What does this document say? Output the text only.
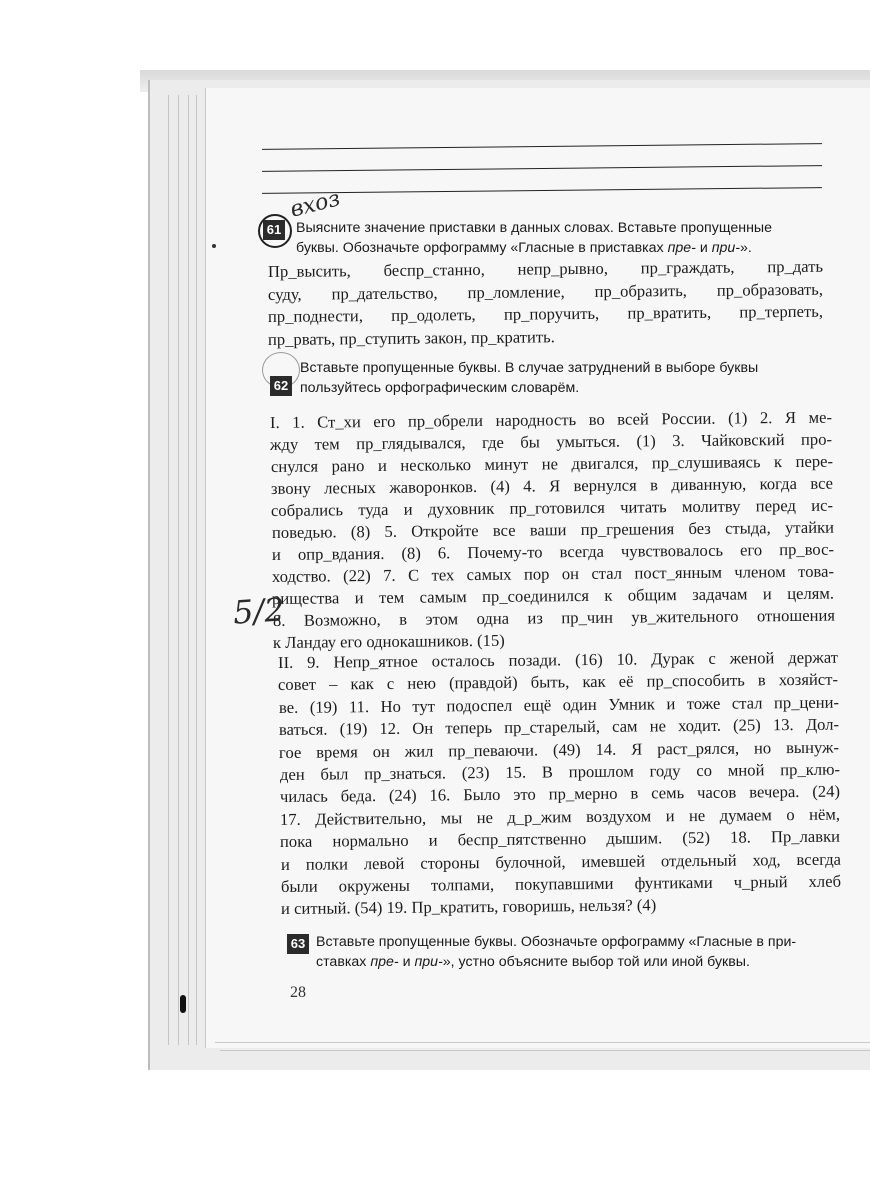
вхоз
61 Выясните значение приставки в данных словах. Вставьте пропущенные
буквы. Обозначьте орфограмму «Гласные в приставках пре- и при-».
Пр_высить, беспр_станно, непр_рывно, пр_граждать, пр_дать
суду, пр_дательство, пр_ломление, пр_образить, пр_образовать,
пр_поднести, пр_одолеть, пр_поручить, пр_вратить, пр_терпеть,
пр_рвать, пр_ступить закон, пр_кратить.
62
Вставьте пропущенные буквы. В случае затруднений в выборе буквы
пользуйтесь орфографическим словарём.
I. 1. Ст_хи его пр_обрели народность во всей России. (1) 2. Я ме-
жду тем пр_глядывался, где бы умыться. (1) 3. Чайковский про-
снулся рано и несколько минут не двигался, пр_слушиваясь к пере-
звону лесных жаворонков. (4) 4. Я вернулся в диванную, когда все
собрались туда и духовник пр_готовился читать молитву перед ис-
поведью. (8) 5. Откройте все ваши пр_грешения без стыда, утайки
и опр_вдания. (8) 6. Почему-то всегда чувствовалось его пр_вос-
ходство. (22) 7. С тех самых пор он стал пост_янным членом това-
рищества и тем самым пр_соединился к общим задачам и целям.
8. Возможно, в этом одна из пр_чин ув_жительного отношения
к Ландау его однокашников. (15)
5/2
II. 9. Непр_ятное осталось позади. (16) 10. Дурак с женой держат
совет – как с нею (правдой) быть, как её пр_способить в хозяйст-
ве. (19) 11. Но тут подоспел ещё один Умник и тоже стал пр_цени-
ваться. (19) 12. Он теперь пр_старелый, сам не ходит. (25) 13. Дол-
гое время он жил пр_певаючи. (49) 14. Я раст_рялся, но вынуж-
ден был пр_знаться. (23) 15. В прошлом году со мной пр_клю-
чилась беда. (24) 16. Было это пр_мерно в семь часов вечера. (24)
17. Действительно, мы не д_р_жим воздухом и не думаем о нём,
пока нормально и беспр_пятственно дышим. (52) 18. Пр_лавки
и полки левой стороны булочной, имевшей отдельный ход, всегда
были окружены толпами, покупавшими фунтиками ч_рный хлеб
и ситный. (54) 19. Пр_кратить, говоришь, нельзя? (4)
63 Вставьте пропущенные буквы. Обозначьте орфограмму «Гласные в при-
ставках пре- и при-», устно объясните выбор той или иной буквы.
28
